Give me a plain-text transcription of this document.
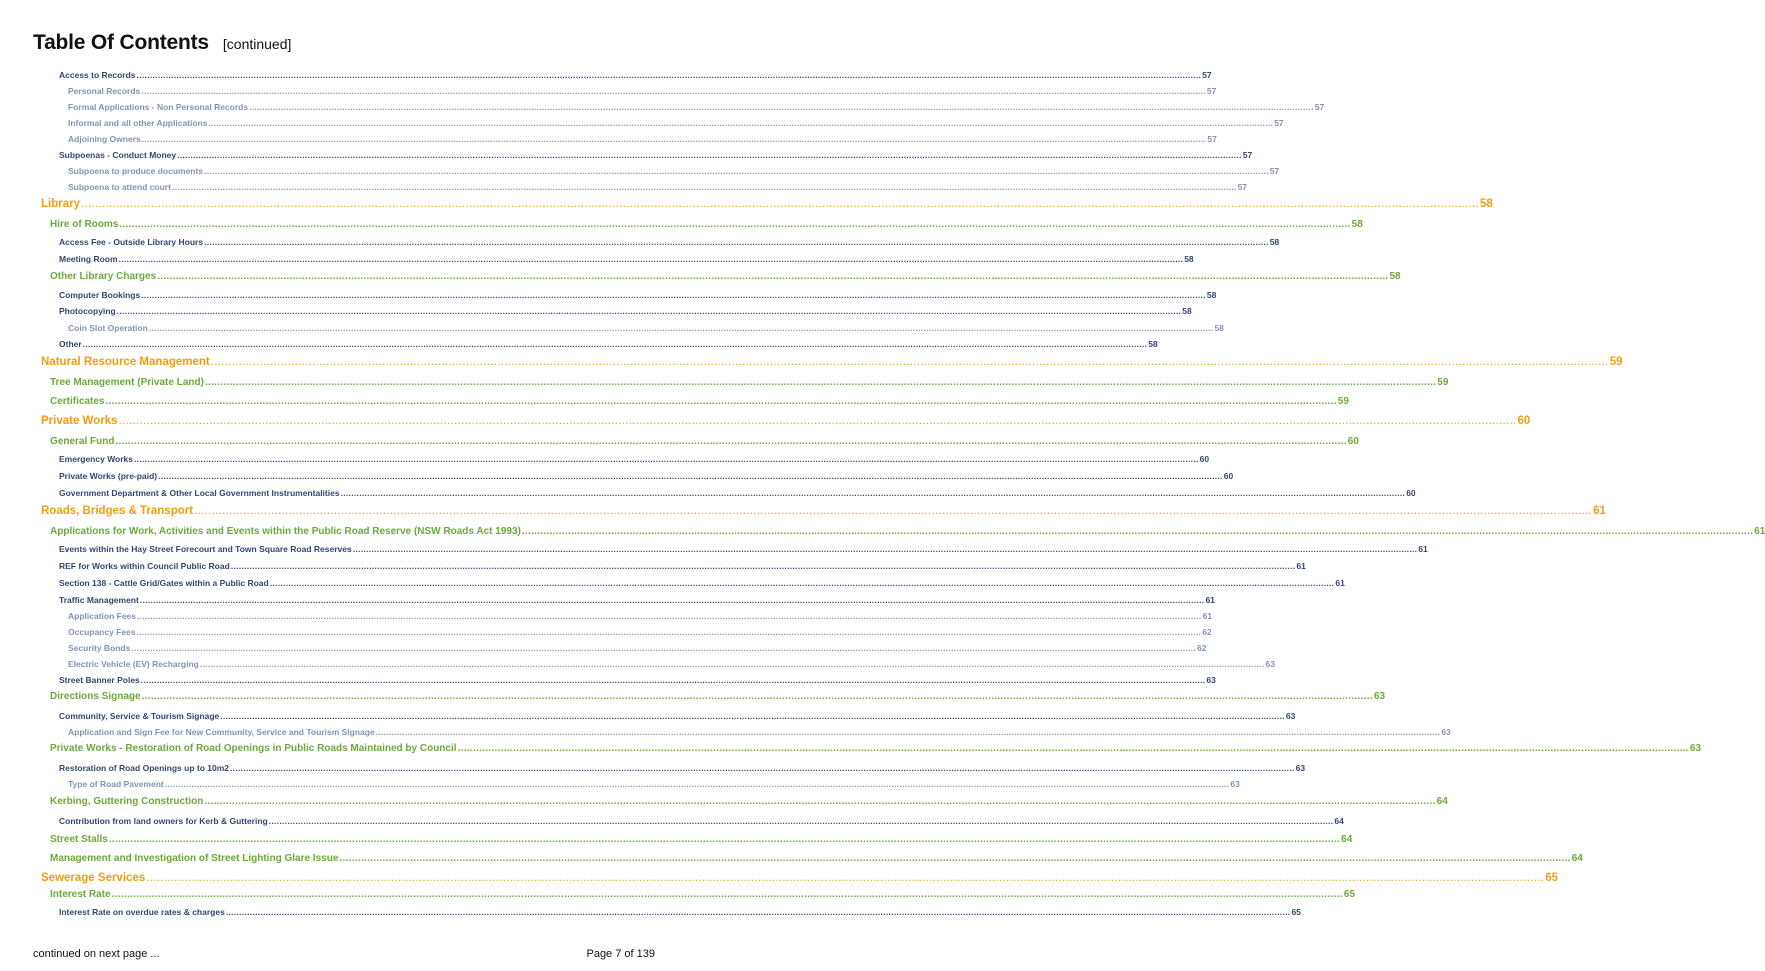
Table Of Contents [continued]
Access to Records ................................................................................................................................................................................................................................................................................................................................................................................................................ 57
Personal Records ................................................................................................................................................................................................................................................................................................................................................................................................................ 57
Formal Applications - Non Personal Records ................................................................................................................................................................................................................................................................................................................................................................................................................ 57
Informal and all other Applications ................................................................................................................................................................................................................................................................................................................................................................................................................ 57
Adjoining Owners ................................................................................................................................................................................................................................................................................................................................................................................................................ 57
Subpoenas - Conduct Money ................................................................................................................................................................................................................................................................................................................................................................................................................ 57
Subpoena to produce documents ................................................................................................................................................................................................................................................................................................................................................................................................................ 57
Subpoena to attend court ................................................................................................................................................................................................................................................................................................................................................................................................................ 57
Library ................................................................................................................................................................................................................................................................................................................................................................................................................ 58
Hire of Rooms ................................................................................................................................................................................................................................................................................................................................................................................................................ 58
Access Fee - Outside Library Hours ................................................................................................................................................................................................................................................................................................................................................................................................................ 58
Meeting Room ................................................................................................................................................................................................................................................................................................................................................................................................................ 58
Other Library Charges ................................................................................................................................................................................................................................................................................................................................................................................................................ 58
Computer Bookings ................................................................................................................................................................................................................................................................................................................................................................................................................ 58
Photocopying ................................................................................................................................................................................................................................................................................................................................................................................................................ 58
Coin Slot Operation ................................................................................................................................................................................................................................................................................................................................................................................................................ 58
Other ................................................................................................................................................................................................................................................................................................................................................................................................................ 58
Natural Resource Management ................................................................................................................................................................................................................................................................................................................................................................................................................ 59
Tree Management (Private Land) ................................................................................................................................................................................................................................................................................................................................................................................................................ 59
Certificates ................................................................................................................................................................................................................................................................................................................................................................................................................ 59
Private Works ................................................................................................................................................................................................................................................................................................................................................................................................................ 60
General Fund ................................................................................................................................................................................................................................................................................................................................................................................................................ 60
Emergency Works ................................................................................................................................................................................................................................................................................................................................................................................................................ 60
Private Works (pre-paid) ................................................................................................................................................................................................................................................................................................................................................................................................................ 60
Government Department & Other Local Government Instrumentalities ................................................................................................................................................................................................................................................................................................................................................................................................................ 60
Roads, Bridges & Transport ................................................................................................................................................................................................................................................................................................................................................................................................................ 61
Applications for Work, Activities and Events within the Public Road Reserve (NSW Roads Act 1993) ................................................................................................................................................................................................................................................................................................................................................................................................................ 61
Events within the Hay Street Forecourt and Town Square Road Reserves ................................................................................................................................................................................................................................................................................................................................................................................................................ 61
REF for Works within Council Public Road ................................................................................................................................................................................................................................................................................................................................................................................................................ 61
Section 138 - Cattle Grid/Gates within a Public Road ................................................................................................................................................................................................................................................................................................................................................................................................................ 61
Traffic Management ................................................................................................................................................................................................................................................................................................................................................................................................................ 61
Application Fees ................................................................................................................................................................................................................................................................................................................................................................................................................ 61
Occupancy Fees ................................................................................................................................................................................................................................................................................................................................................................................................................ 62
Security Bonds ................................................................................................................................................................................................................................................................................................................................................................................................................ 62
Electric Vehicle (EV) Recharging ................................................................................................................................................................................................................................................................................................................................................................................................................ 63
Street Banner Poles ................................................................................................................................................................................................................................................................................................................................................................................................................ 63
Directions Signage ................................................................................................................................................................................................................................................................................................................................................................................................................ 63
Community, Service & Tourism Signage ................................................................................................................................................................................................................................................................................................................................................................................................................ 63
Application and Sign Fee for New Community, Service and Tourism Signage ................................................................................................................................................................................................................................................................................................................................................................................................................ 63
Private Works - Restoration of Road Openings in Public Roads Maintained by Council ................................................................................................................................................................................................................................................................................................................................................................................................................ 63
Restoration of Road Openings up to 10m2 ................................................................................................................................................................................................................................................................................................................................................................................................................ 63
Type of Road Pavement ................................................................................................................................................................................................................................................................................................................................................................................................................ 63
Kerbing, Guttering Construction ................................................................................................................................................................................................................................................................................................................................................................................................................ 64
Contribution from land owners for Kerb & Guttering ................................................................................................................................................................................................................................................................................................................................................................................................................ 64
Street Stalls ................................................................................................................................................................................................................................................................................................................................................................................................................ 64
Management and Investigation of Street Lighting Glare Issue ................................................................................................................................................................................................................................................................................................................................................................................................................ 64
Sewerage Services ................................................................................................................................................................................................................................................................................................................................................................................................................ 65
Interest Rate ................................................................................................................................................................................................................................................................................................................................................................................................................ 65
Interest Rate on overdue rates & charges ................................................................................................................................................................................................................................................................................................................................................................................................................ 65
continued on next page ...	Page 7 of 139
